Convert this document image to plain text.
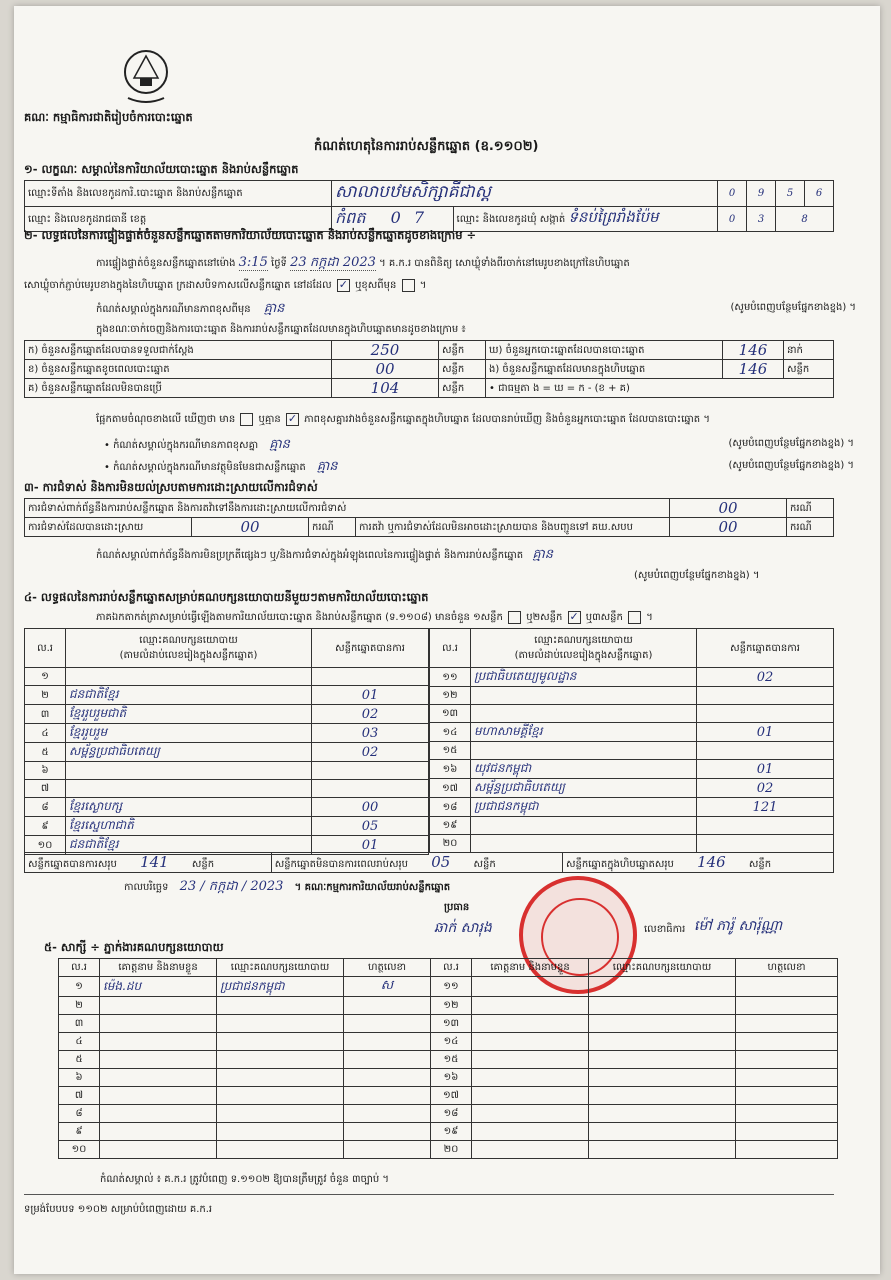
គណៈ កម្មាធិការជាតិរៀបចំការបោះឆ្នោត
កំណត់ហេតុនៃការរាប់សន្លឹកឆ្នោត (ឧ.១១០២)
១- លក្ខណៈ សម្គាល់នៃការិយាល័យបោះឆ្នោត និងរាប់សន្លឹកឆ្នោត
ឈ្មោះទីតាំង និងលេខកូដការិ.បោះឆ្នោត និងរាប់សន្លឹកឆ្នោត	សាលាបឋមសិក្សាគីជាស្ត		0	9	5	6
ឈ្មោះ និងលេខកូដរាជធានី ខេត្ត	កំពត 0 7	ឈ្មោះ និងលេខកូដឃុំ សង្កាត់ ទំនប់ព្រៃរាំងប៉ែម	0	3	8	
២- លទ្ធផលនៃការផ្ទៀងផ្ទាត់ចំនួនសន្លឹកឆ្នោតតាមការិយាល័យបោះឆ្នោត និងរាប់សន្លឹកឆ្នោតដូចខាងក្រោម ÷
ការផ្ទៀងផ្ទាត់ចំនួនសន្លឹកឆ្នោតនៅម៉ោង 3:15 ថ្ងៃទី 23 កក្កដា 2023 ។ គ.ក.រ បានពិនិត្យ សោឃ្លុំទាំងពីរចាក់នៅមេរូបខាងក្រៅនៃហិបឆ្នោត
សោឃ្លុំចាក់ភ្ជាប់មេរូបខាងក្នុងនៃហិបឆ្នោត ក្រដាសបិទកាសលើសន្លឹកឆ្នោត នៅដដែល ✓ ឬខុសពីមុន  ។
កំណត់សម្គាល់ក្នុងករណីមានភាពខុសពីមុន គ្មាន	(សូមបំពេញបន្ថែមផ្នែកខាងខ្នង) ។
ក្នុងខណៈចាក់ចេញនិងការបោះឆ្នោត និងការរាប់សន្លឹកឆ្នោតដែលមានក្នុងហិបឆ្នោតមានដូចខាងក្រោម ៖
ក) ចំនួនសន្លឹកឆ្នោតដែលបានទទួលជាក់ស្តែង	250	សន្លឹក	ឃ) ចំនួនអ្នកបោះឆ្នោតដែលបានបោះឆ្នោត	146	នាក់
ខ) ចំនួនសន្លឹកឆ្នោតខូចពេលបោះឆ្នោត	00	សន្លឹក	ង) ចំនួនសន្លឹកឆ្នោតដែលមានក្នុងហិបឆ្នោត	146	សន្លឹក
គ) ចំនួនសន្លឹកឆ្នោតដែលមិនបានប្រើ	104	សន្លឹក	• ជាធម្មតា ង = ឃ = ក - (ខ + គ)		
ផ្អែកតាមចំណុចខាងលើ ឃើញថា មាន ឬគ្មាន ✓ ភាពខុសគ្នារវាងចំនួនសន្លឹកឆ្នោតក្នុងហិបឆ្នោត ដែលបានរាប់ឃើញ និងចំនួនអ្នកបោះឆ្នោត ដែលបានបោះឆ្នោត ។
• កំណត់សម្គាល់ក្នុងករណីមានភាពខុសគ្នា គ្មាន	(សូមបំពេញបន្ថែមផ្នែកខាងខ្នង) ។
• កំណត់សម្គាល់ក្នុងករណីមានវត្ថុមិនមែនជាសន្លឹកឆ្នោត គ្មាន	(សូមបំពេញបន្ថែមផ្នែកខាងខ្នង) ។
៣- ការជំទាស់ និងការមិនយល់ស្របតាមការដោះស្រាយលើការជំទាស់
ការជំទាស់ពាក់ព័ន្ធនឹងការរាប់សន្លឹកឆ្នោត និងការតវ៉ាទៅនឹងការដោះស្រាយលើការជំទាស់				00	ករណី
ការជំទាស់ដែលបានដោះស្រាយ	00	ករណី	ការតវ៉ា ឬការជំទាស់ដែលមិនអាចដោះស្រាយបាន និងបញ្ជូនទៅ គឃ.សបប	00	ករណី
កំណត់សម្គាល់ពាក់ព័ន្ធនឹងការមិនប្រក្រតីផ្សេងៗ ឬ/និងការជំទាស់ក្នុងអំឡុងពេលនៃការផ្ទៀងផ្ទាត់ និងការរាប់សន្លឹកឆ្នោត គ្មាន
(សូមបំពេញបន្ថែមផ្នែកខាងខ្នង) ។
៤- លទ្ធផលនៃការរាប់សន្លឹកឆ្នោតសម្រាប់គណបក្សនយោបាយនីមួយៗតាមការិយាល័យបោះឆ្នោត
ភាគឯកតាកត់ត្រាសម្រាប់ធ្វើឡើងតាមការិយាល័យបោះឆ្នោត និងរាប់សន្លឹកឆ្នោត (ទ.១១០៨) មានចំនួន ១សន្លឹក ឬ២សន្លឹក ✓ ឬ៣សន្លឹក  ។
ល.រ	ឈ្មោះគណបក្សនយោបាយ
(តាមលំដាប់លេខរៀងក្នុងសន្លឹកឆ្នោត)	សន្លឹកឆ្នោតបានការ
១		
២	ជនជាតិខ្មែរ	01
៣	ខ្មែររួបរួមជាតិ	02
៤	ខ្មែររួបរួម	03
៥	សម្ព័ន្ធប្រជាធិបតេយ្យ	02
៦		
៧		
៨	ខ្មែរស្ងោបក្ស	00
៩	ខ្មែរស្នេហាជាតិ	05
១០	ជនជាតិខ្មែរ	01
ល.រ	ឈ្មោះគណបក្សនយោបាយ
(តាមលំដាប់លេខរៀងក្នុងសន្លឹកឆ្នោត)	សន្លឹកឆ្នោតបានការ
១១	ប្រជាធិបតេយ្យមូលដ្ឋាន	02
១២		
១៣		
១៤	មហាសាមគ្គីខ្មែរ	01
១៥		
១៦	យុវជនកម្ពុជា	01
១៧	សម្ព័ន្ធប្រជាធិបតេយ្យ	02
១៨	ប្រជាជនកម្ពុជា	121
១៩		
២០		
សន្លឹកឆ្នោតបានការសរុប 141 សន្លឹក	សន្លឹកឆ្នោតមិនបានការពេលរាប់សរុប 05 សន្លឹក	សន្លឹកឆ្នោតក្នុងហិបឆ្នោតសរុប 146 សន្លឹក
កាលបរិច្ឆេទ 23 / កក្កដា / 2023 ។ គណៈកម្មការការិយាល័យរាប់សន្លឹកឆ្នោត
ប្រធាន
ឆាក់ សារុង	លេខាធិការ ម៉ៅ ភារ៉ូ សារ៉ុណ្ណា
៥- សាក្សី ÷ ភ្នាក់ងារគណបក្សនយោបាយ
ល.រ	គោត្តនាម និងនាមខ្លួន	ឈ្មោះគណបក្សនយោបាយ	ហត្ថលេខា	ល.រ	គោត្តនាម និងនាមខ្លួន	ឈ្មោះគណបក្សនយោបាយ	ហត្ថលេខា
១	ម៉េង.ដប	ប្រជាជនកម្ពុជា	ស	១១			
២				១២			
៣				១៣			
៤				១៤			
៥				១៥			
៦				១៦			
៧				១៧			
៨				១៨			
៩				១៩			
១០				២០			
កំណត់សម្គាល់ ៖ គ.ក.រ ត្រូវបំពេញ ទ.១១០២ ឱ្យបានត្រឹមត្រូវ ចំនួន ៣ច្បាប់ ។
ទម្រង់បែបបទ ១១០២ សម្រាប់បំពេញដោយ គ.ក.រ
